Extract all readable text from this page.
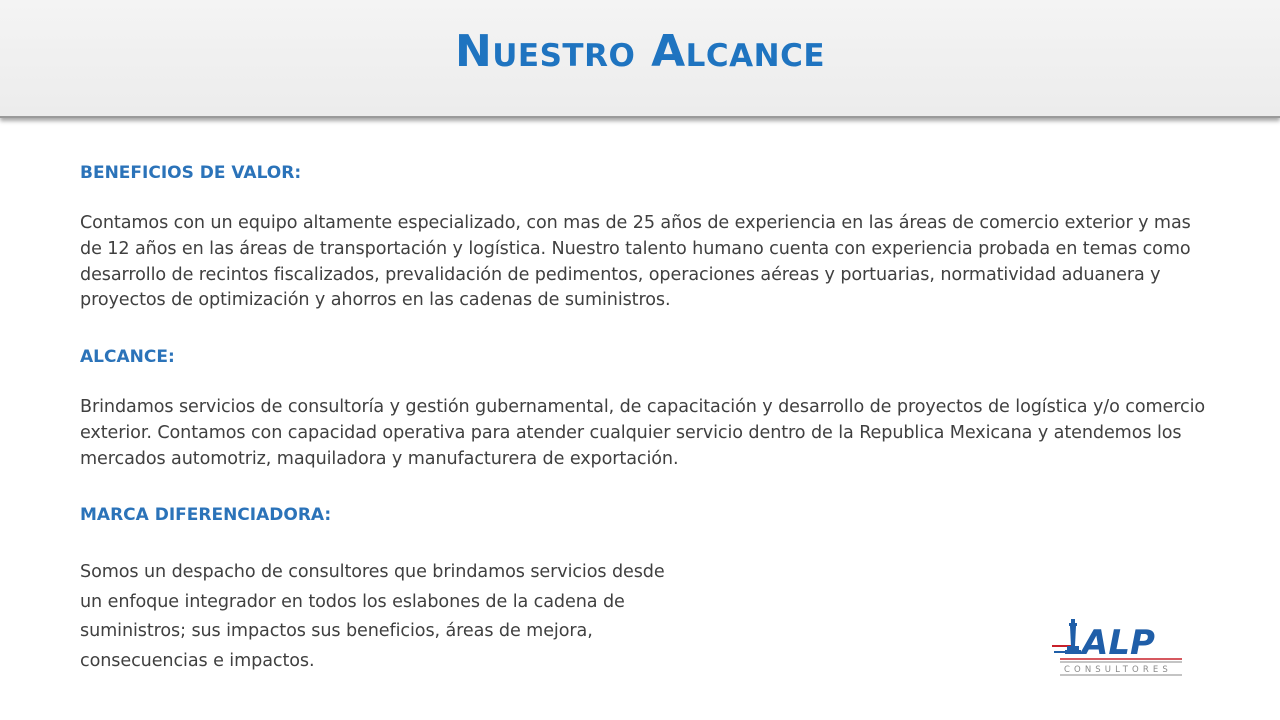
Nuestro Alcance
BENEFICIOS DE VALOR:

Contamos con un equipo altamente especializado, con mas de 25 años de experiencia en las áreas de comercio exterior y mas de 12 años en las áreas de transportación y logística. Nuestro talento humano cuenta con experiencia probada en temas como desarrollo de recintos fiscalizados, prevalidación de pedimentos, operaciones aéreas y portuarias, normatividad aduanera y proyectos de optimización y ahorros en las cadenas de suministros.

ALCANCE:

Brindamos servicios de consultoría y gestión gubernamental, de capacitación y desarrollo de proyectos de logística y/o comercio exterior. Contamos con capacidad operativa para atender cualquier servicio dentro de la Republica Mexicana y atendemos los mercados automotriz, maquiladora y manufacturera de exportación.

MARCA DIFERENCIADORA:

Somos un despacho de consultores que brindamos servicios desde un enfoque integrador en todos los eslabones de la cadena de suministros; sus impactos sus beneficios, áreas de mejora, consecuencias e impactos.	ALP
CONSULTORES
